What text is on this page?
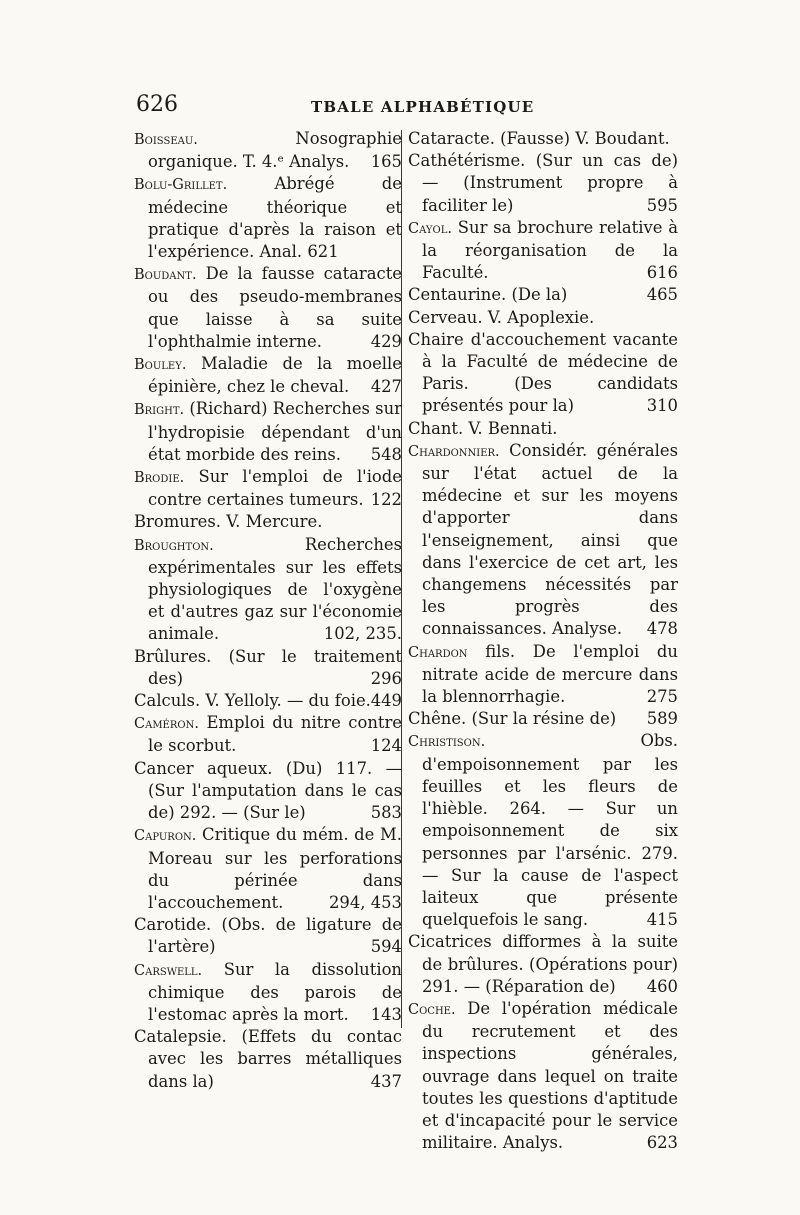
626	TBALE ALPHABÉTIQUE

Boisseau. Nosographie organique. T. 4.ᵉ Analys. 165

Bolu-Grillet. Abrégé de médecine théorique et pratique d'après la raison et l'expérience. Anal. 621

Boudant. De la fausse cataracte ou des pseudo-membranes que laisse à sa suite l'ophthalmie interne.	429

Bouley. Maladie de la moelle épinière, chez le cheval. 427

Bright. (Richard) Recherches sur l'hydropisie dépendant d'un état morbide des reins. 548

Brodie. Sur l'emploi de l'iode contre certaines tumeurs. 122

Bromures. V. Mercure.

Broughton. Recherches expérimentales sur les effets physiologiques de l'oxygène et d'autres gaz sur l'économie animale.	102, 235.

Brûlures. (Sur le traitement des)	296

Calculs. V. Yelloly. — du foie. 449

Caméron. Emploi du nitre contre le scorbut.	124

Cancer aqueux. (Du) 117. — (Sur l'amputation dans le cas de) 292. — (Sur le)	583

Capuron. Critique du mém. de M. Moreau sur les perforations du périnée dans l'accouchement.	294, 453

Carotide. (Obs. de ligature de l'artère)	594

Carswell. Sur la dissolution chimique des parois de l'estomac après la mort. 143

Catalepsie. (Effets du contac avec les barres métalliques dans la)	437

Cataracte. (Fausse) V. Boudant.

Cathétérisme. (Sur un cas de) — (Instrument propre à faciliter le)	595

Cayol. Sur sa brochure relative à la réorganisation de la Faculté.	616

Centaurine. (De la)	465

Cerveau. V. Apoplexie.

Chaire d'accouchement vacante à la Faculté de médecine de Paris. (Des candidats présentés pour la)	310

Chant. V. Bennati.

Chardonnier. Considér. générales sur l'état actuel de la médecine et sur les moyens d'apporter dans l'enseignement, ainsi que dans l'exercice de cet art, les changemens nécessités par les progrès des connaissances. Analyse. 478

Chardon fils. De l'emploi du nitrate acide de mercure dans la blennorrhagie.	275

Chêne. (Sur la résine de) 589

Christison. Obs. d'empoisonnement par les feuilles et les fleurs de l'hièble. 264. — Sur un empoisonnement de six personnes par l'arsénic. 279. — Sur la cause de l'aspect laiteux que présente quelquefois le sang.	415

Cicatrices difformes à la suite de brûlures. (Opérations pour) 291. — (Réparation de) 460

Coche. De l'opération médicale du recrutement et des inspections générales, ouvrage dans lequel on traite toutes les questions d'aptitude et d'incapacité pour le service militaire. Analys.	623
